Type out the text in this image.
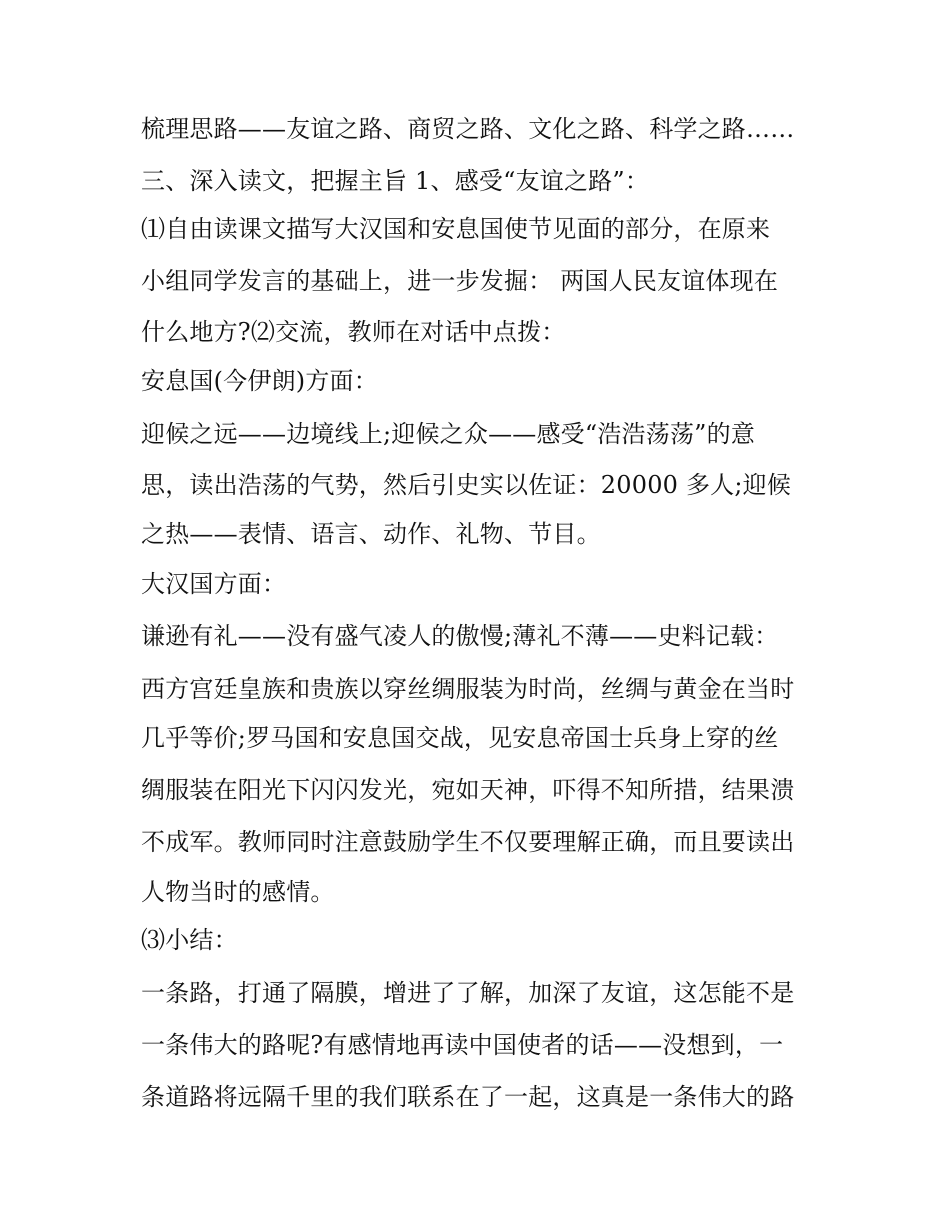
梳理思路——友谊之路、商贸之路、文化之路、科学之路……
三、深入读文，把握主旨 1、感受“友谊之路”：
⑴自由读课文描写大汉国和安息国使节见面的部分，在原来
小组同学发言的基础上，进一步发掘： 两国人民友谊体现在
什么地方?⑵交流，教师在对话中点拨：
安息国(今伊朗)方面：
迎候之远——边境线上;迎候之众——感受“浩浩荡荡”的意
思，读出浩荡的气势，然后引史实以佐证：20000 多人;迎候
之热——表情、语言、动作、礼物、节目。
大汉国方面：
谦逊有礼——没有盛气凌人的傲慢;薄礼不薄——史料记载：
西方宫廷皇族和贵族以穿丝绸服装为时尚，丝绸与黄金在当时
几乎等价;罗马国和安息国交战，见安息帝国士兵身上穿的丝
绸服装在阳光下闪闪发光，宛如天神，吓得不知所措，结果溃
不成军。教师同时注意鼓励学生不仅要理解正确，而且要读出
人物当时的感情。
⑶小结：
一条路，打通了隔膜，增进了了解，加深了友谊，这怎能不是
一条伟大的路呢?有感情地再读中国使者的话——没想到，一
条道路将远隔千里的我们联系在了一起，这真是一条伟大的路
